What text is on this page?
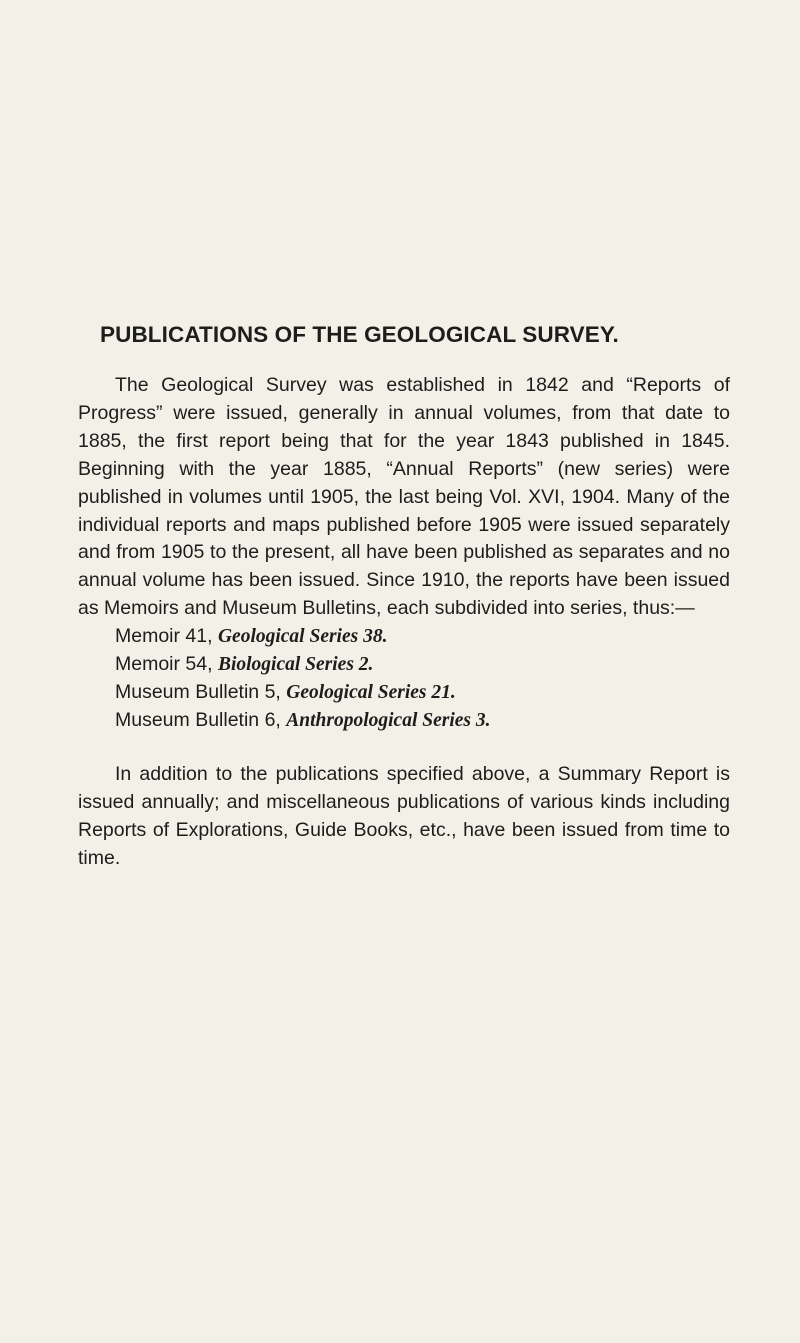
PUBLICATIONS OF THE GEOLOGICAL SURVEY.

The Geological Survey was established in 1842 and “Reports of Progress” were issued, generally in annual volumes, from that date to 1885, the first report being that for the year 1843 published in 1845. Beginning with the year 1885, “Annual Reports” (new series) were published in volumes until 1905, the last being Vol. XVI, 1904. Many of the individual reports and maps published before 1905 were issued separately and from 1905 to the present, all have been published as separates and no annual volume has been issued. Since 1910, the reports have been issued as Memoirs and Museum Bulletins, each subdivided into series, thus:—

Memoir 41, Geological Series 38.
Memoir 54, Biological Series 2.
Museum Bulletin 5, Geological Series 21.
Museum Bulletin 6, Anthropological Series 3.

In addition to the publications specified above, a Summary Report is issued annually; and miscellaneous publications of various kinds including Reports of Explorations, Guide Books, etc., have been issued from time to time.
